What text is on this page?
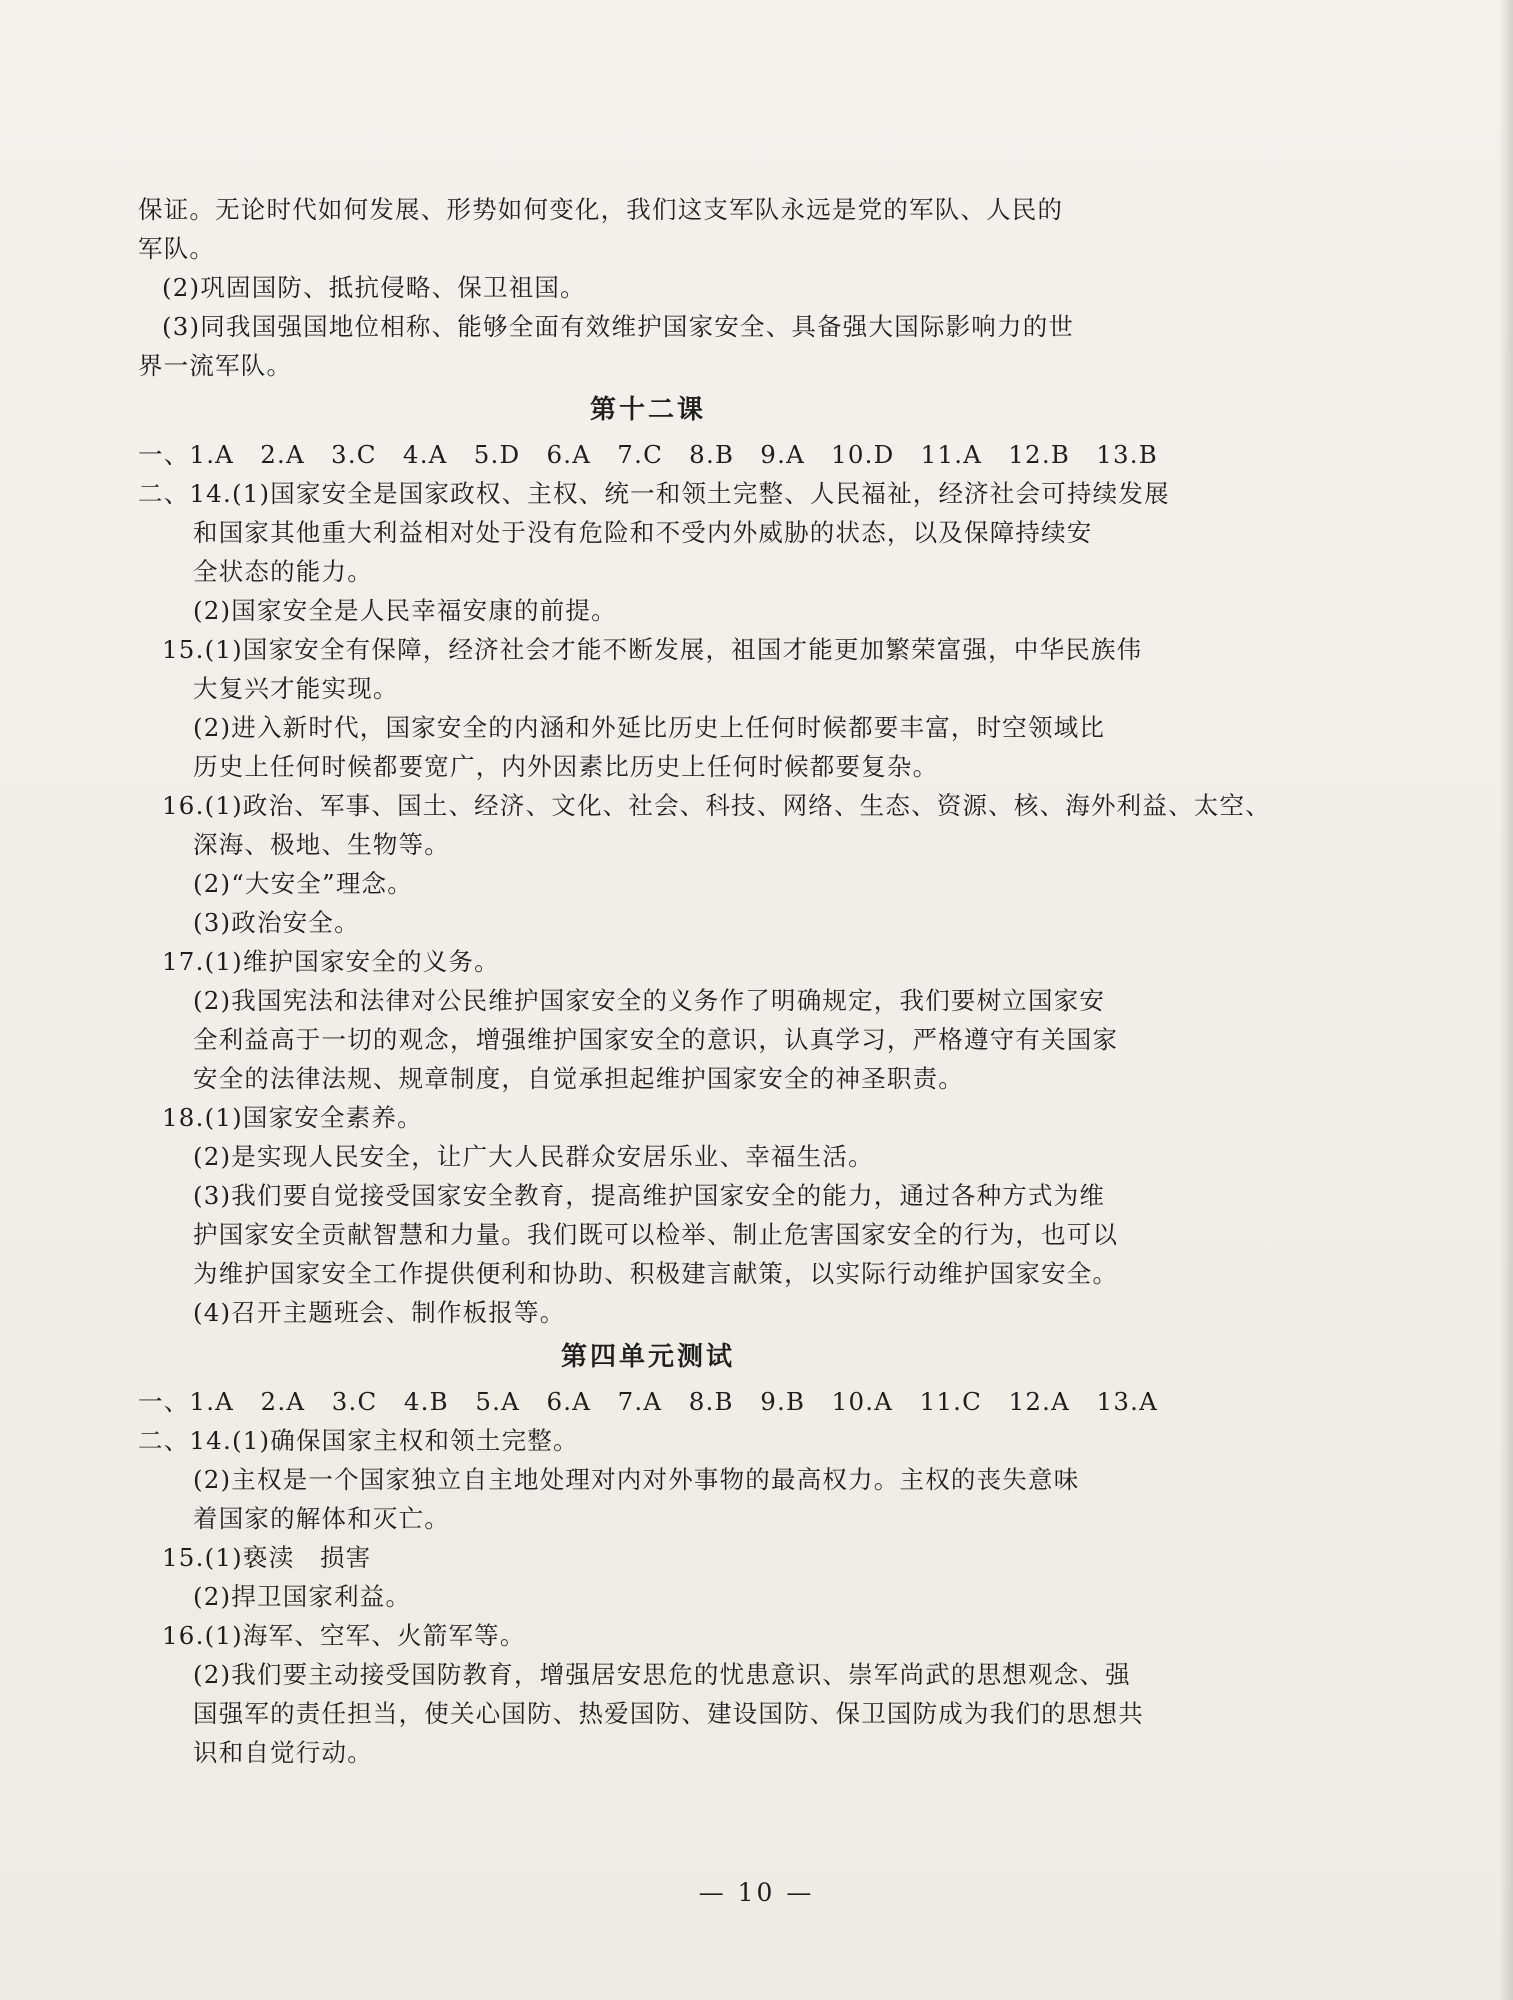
保证。无论时代如何发展、形势如何变化，我们这支军队永远是党的军队、人民的
军队。
(2)巩固国防、抵抗侵略、保卫祖国。
(3)同我国强国地位相称、能够全面有效维护国家安全、具备强大国际影响力的世
界一流军队。
第十二课
一、1.A 2.A 3.C 4.A 5.D 6.A 7.C 8.B 9.A 10.D 11.A 12.B 13.B
二、14.(1)国家安全是国家政权、主权、统一和领土完整、人民福祉，经济社会可持续发展
和国家其他重大利益相对处于没有危险和不受内外威胁的状态，以及保障持续安
全状态的能力。
(2)国家安全是人民幸福安康的前提。
15.(1)国家安全有保障，经济社会才能不断发展，祖国才能更加繁荣富强，中华民族伟
大复兴才能实现。
(2)进入新时代，国家安全的内涵和外延比历史上任何时候都要丰富，时空领域比
历史上任何时候都要宽广，内外因素比历史上任何时候都要复杂。
16.(1)政治、军事、国土、经济、文化、社会、科技、网络、生态、资源、核、海外利益、太空、
深海、极地、生物等。
(2)“大安全”理念。
(3)政治安全。
17.(1)维护国家安全的义务。
(2)我国宪法和法律对公民维护国家安全的义务作了明确规定，我们要树立国家安
全利益高于一切的观念，增强维护国家安全的意识，认真学习，严格遵守有关国家
安全的法律法规、规章制度，自觉承担起维护国家安全的神圣职责。
18.(1)国家安全素养。
(2)是实现人民安全，让广大人民群众安居乐业、幸福生活。
(3)我们要自觉接受国家安全教育，提高维护国家安全的能力，通过各种方式为维
护国家安全贡献智慧和力量。我们既可以检举、制止危害国家安全的行为，也可以
为维护国家安全工作提供便利和协助、积极建言献策，以实际行动维护国家安全。
(4)召开主题班会、制作板报等。
第四单元测试
一、1.A 2.A 3.C 4.B 5.A 6.A 7.A 8.B 9.B 10.A 11.C 12.A 13.A
二、14.(1)确保国家主权和领土完整。
(2)主权是一个国家独立自主地处理对内对外事物的最高权力。主权的丧失意味
着国家的解体和灭亡。
15.(1)亵渎　损害
(2)捍卫国家利益。
16.(1)海军、空军、火箭军等。
(2)我们要主动接受国防教育，增强居安思危的忧患意识、崇军尚武的思想观念、强
国强军的责任担当，使关心国防、热爱国防、建设国防、保卫国防成为我们的思想共
识和自觉行动。
— 10 —
